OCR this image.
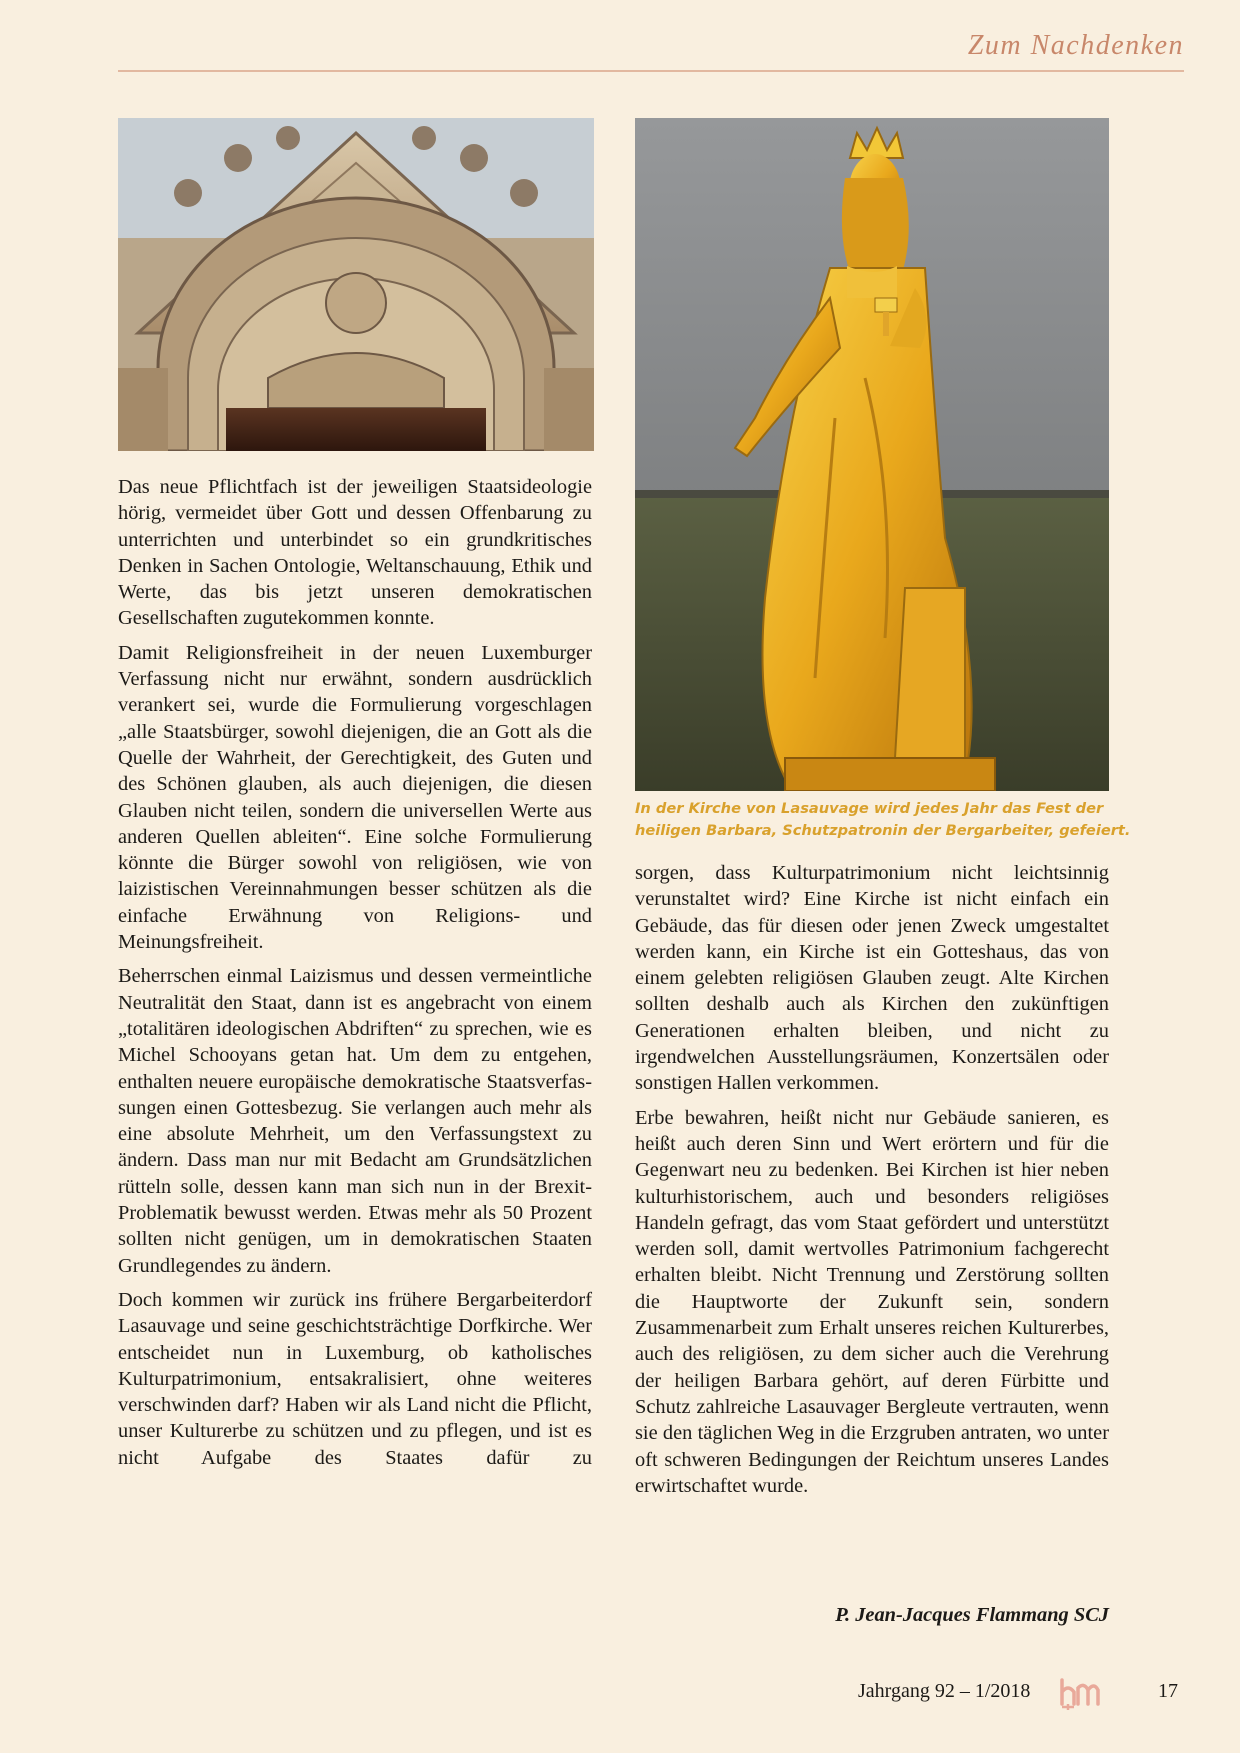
Zum Nachdenken
In der Kirche von Lasauvage wird jedes Jahr das Fest der
heiligen Barbara, Schutzpatronin der Bergarbeiter, gefeiert.

Das neue Pflichtfach ist der jeweiligen Staatsideologie hörig, vermeidet über Gott und dessen Offenbarung zu unterrichten und unterbindet so ein grundkritisches Denken in Sachen Ontologie, Weltanschauung, Ethik und Werte, das bis jetzt unseren demokratischen Gesellschaften zugutekommen konnte.

Damit Religionsfreiheit in der neuen Luxemburger Verfassung nicht nur erwähnt, sondern ausdrücklich verankert sei, wurde die Formulierung vorgeschlagen „alle Staatsbürger, sowohl diejenigen, die an Gott als die Quelle der Wahrheit, der Gerechtigkeit, des Guten und des Schönen glauben, als auch diejenigen, die diesen Glauben nicht teilen, sondern die universellen Werte aus anderen Quellen ableiten“. Eine solche Formulierung könnte die Bürger sowohl von religiösen, wie von laizistischen Vereinnahmungen besser schützen als die einfache Erwähnung von Religions- und Meinungsfreiheit.

Beherrschen einmal Laizismus und dessen vermeintliche Neutralität den Staat, dann ist es angebracht von einem „totalitären ideologischen Abdriften“ zu sprechen, wie es Michel Schooyans getan hat. Um dem zu entgehen, enthalten neuere europäische demokratische Staatsverfassungen einen Gottesbezug. Sie verlangen auch mehr als eine absolute Mehrheit, um den Verfassungstext zu ändern. Dass man nur mit Bedacht am Grundsätzlichen rütteln solle, dessen kann man sich nun in der Brexit-Problematik bewusst werden. Etwas mehr als 50 Prozent sollten nicht genügen, um in demokratischen Staaten Grundlegendes zu ändern.

Doch kommen wir zurück ins frühere Bergarbeiterdorf Lasauvage und seine geschichtsträchtige Dorfkirche. Wer entscheidet nun in Luxemburg, ob katholisches Kulturpatrimonium, entsakralisiert, ohne weiteres verschwinden darf? Haben wir als Land nicht die Pflicht, unser Kulturerbe zu schützen und zu pflegen, und ist es nicht Aufgabe des Staates dafür zu

sorgen, dass Kulturpatrimonium nicht leichtsinnig verunstaltet wird? Eine Kirche ist nicht einfach ein Gebäude, das für diesen oder jenen Zweck umgestaltet werden kann, ein Kirche ist ein Gotteshaus, das von einem gelebten religiösen Glauben zeugt. Alte Kirchen sollten deshalb auch als Kirchen den zukünftigen Generationen erhalten bleiben, und nicht zu irgendwelchen Ausstellungsräumen, Konzertsälen oder sonstigen Hallen verkommen.

Erbe bewahren, heißt nicht nur Gebäude sanieren, es heißt auch deren Sinn und Wert erörtern und für die Gegenwart neu zu bedenken. Bei Kirchen ist hier neben kulturhistorischem, auch und besonders religiöses Handeln gefragt, das vom Staat gefördert und unterstützt werden soll, damit wertvolles Patrimonium fachgerecht erhalten bleibt. Nicht Trennung und Zerstörung sollten die Hauptworte der Zukunft sein, sondern Zusammenarbeit zum Erhalt unseres reichen Kulturerbes, auch des religiösen, zu dem sicher auch die Verehrung der heiligen Barbara gehört, auf deren Fürbitte und Schutz zahlreiche Lasauvager Bergleute vertrauten, wenn sie den täglichen Weg in die Erzgruben antraten, wo unter oft schweren Bedingungen der Reichtum unseres Landes erwirtschaftet wurde.

P. Jean-Jacques Flammang SCJ
Jahrgang 92 – 1/2018	17
